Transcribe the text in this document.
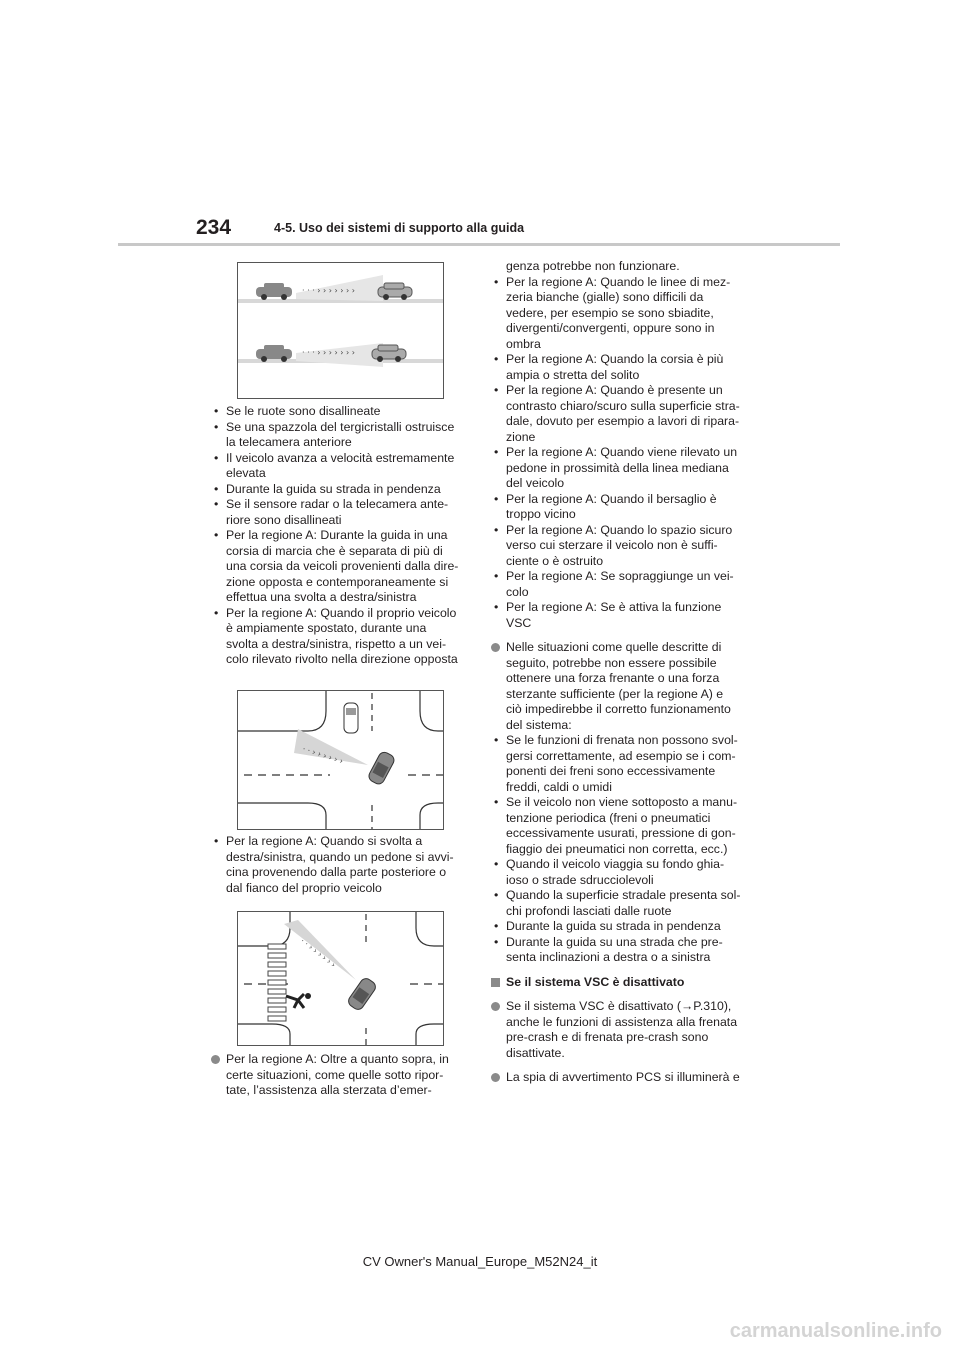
234	4-5. Uso dei sistemi di supporto alla guida
· · · › › › › › › ›
· · · › › › › › › ›
• Se le ruote sono disallineate
• Se una spazzola del tergicristalli ostruisce
la telecamera anteriore
• Il veicolo avanza a velocità estremamente
elevata
• Durante la guida su strada in pendenza
• Se il sensore radar o la telecamera ante-
riore sono disallineati
• Per la regione A: Durante la guida in una
corsia di marcia che è separata di più di
una corsia da veicoli provenienti dalla dire-
zione opposta e contemporaneamente si
effettua una svolta a destra/sinistra
• Per la regione A: Quando il proprio veicolo
è ampiamente spostato, durante una
svolta a destra/sinistra, rispetto a un vei-
colo rilevato rivolto nella direzione opposta
· · › › › › › ›
• Per la regione A: Quando si svolta a
destra/sinistra, quando un pedone si avvi-
cina provenendo dalla parte posteriore o
dal fianco del proprio veicolo
· · › › › › › ›
Per la regione A: Oltre a quanto sopra, in
certe situazioni, come quelle sotto ripor-
tate, l’assistenza alla sterzata d’emer-
genza potrebbe non funzionare.
• Per la regione A: Quando le linee di mez-
zeria bianche (gialle) sono difficili da
vedere, per esempio se sono sbiadite,
divergenti/convergenti, oppure sono in
ombra
• Per la regione A: Quando la corsia è più
ampia o stretta del solito
• Per la regione A: Quando è presente un
contrasto chiaro/scuro sulla superficie stra-
dale, dovuto per esempio a lavori di ripara-
zione
• Per la regione A: Quando viene rilevato un
pedone in prossimità della linea mediana
del veicolo
• Per la regione A: Quando il bersaglio è
troppo vicino
• Per la regione A: Quando lo spazio sicuro
verso cui sterzare il veicolo non è suffi-
ciente o è ostruito
• Per la regione A: Se sopraggiunge un vei-
colo
• Per la regione A: Se è attiva la funzione
VSC
Nelle situazioni come quelle descritte di
seguito, potrebbe non essere possibile
ottenere una forza frenante o una forza
sterzante sufficiente (per la regione A) e
ciò impedirebbe il corretto funzionamento
del sistema:
• Se le funzioni di frenata non possono svol-
gersi correttamente, ad esempio se i com-
ponenti dei freni sono eccessivamente
freddi, caldi o umidi
• Se il veicolo non viene sottoposto a manu-
tenzione periodica (freni o pneumatici
eccessivamente usurati, pressione di gon-
fiaggio dei pneumatici non corretta, ecc.)
• Quando il veicolo viaggia su fondo ghia-
ioso o strade sdrucciolevoli
• Quando la superficie stradale presenta sol-
chi profondi lasciati dalle ruote
• Durante la guida su strada in pendenza
• Durante la guida su una strada che pre-
senta inclinazioni a destra o a sinistra
Se il sistema VSC è disattivato
Se il sistema VSC è disattivato (→P.310),
anche le funzioni di assistenza alla frenata
pre-crash e di frenata pre-crash sono
disattivate.
La spia di avvertimento PCS si illuminerà e
CV Owner's Manual_Europe_M52N24_it
carmanualsonline.info
